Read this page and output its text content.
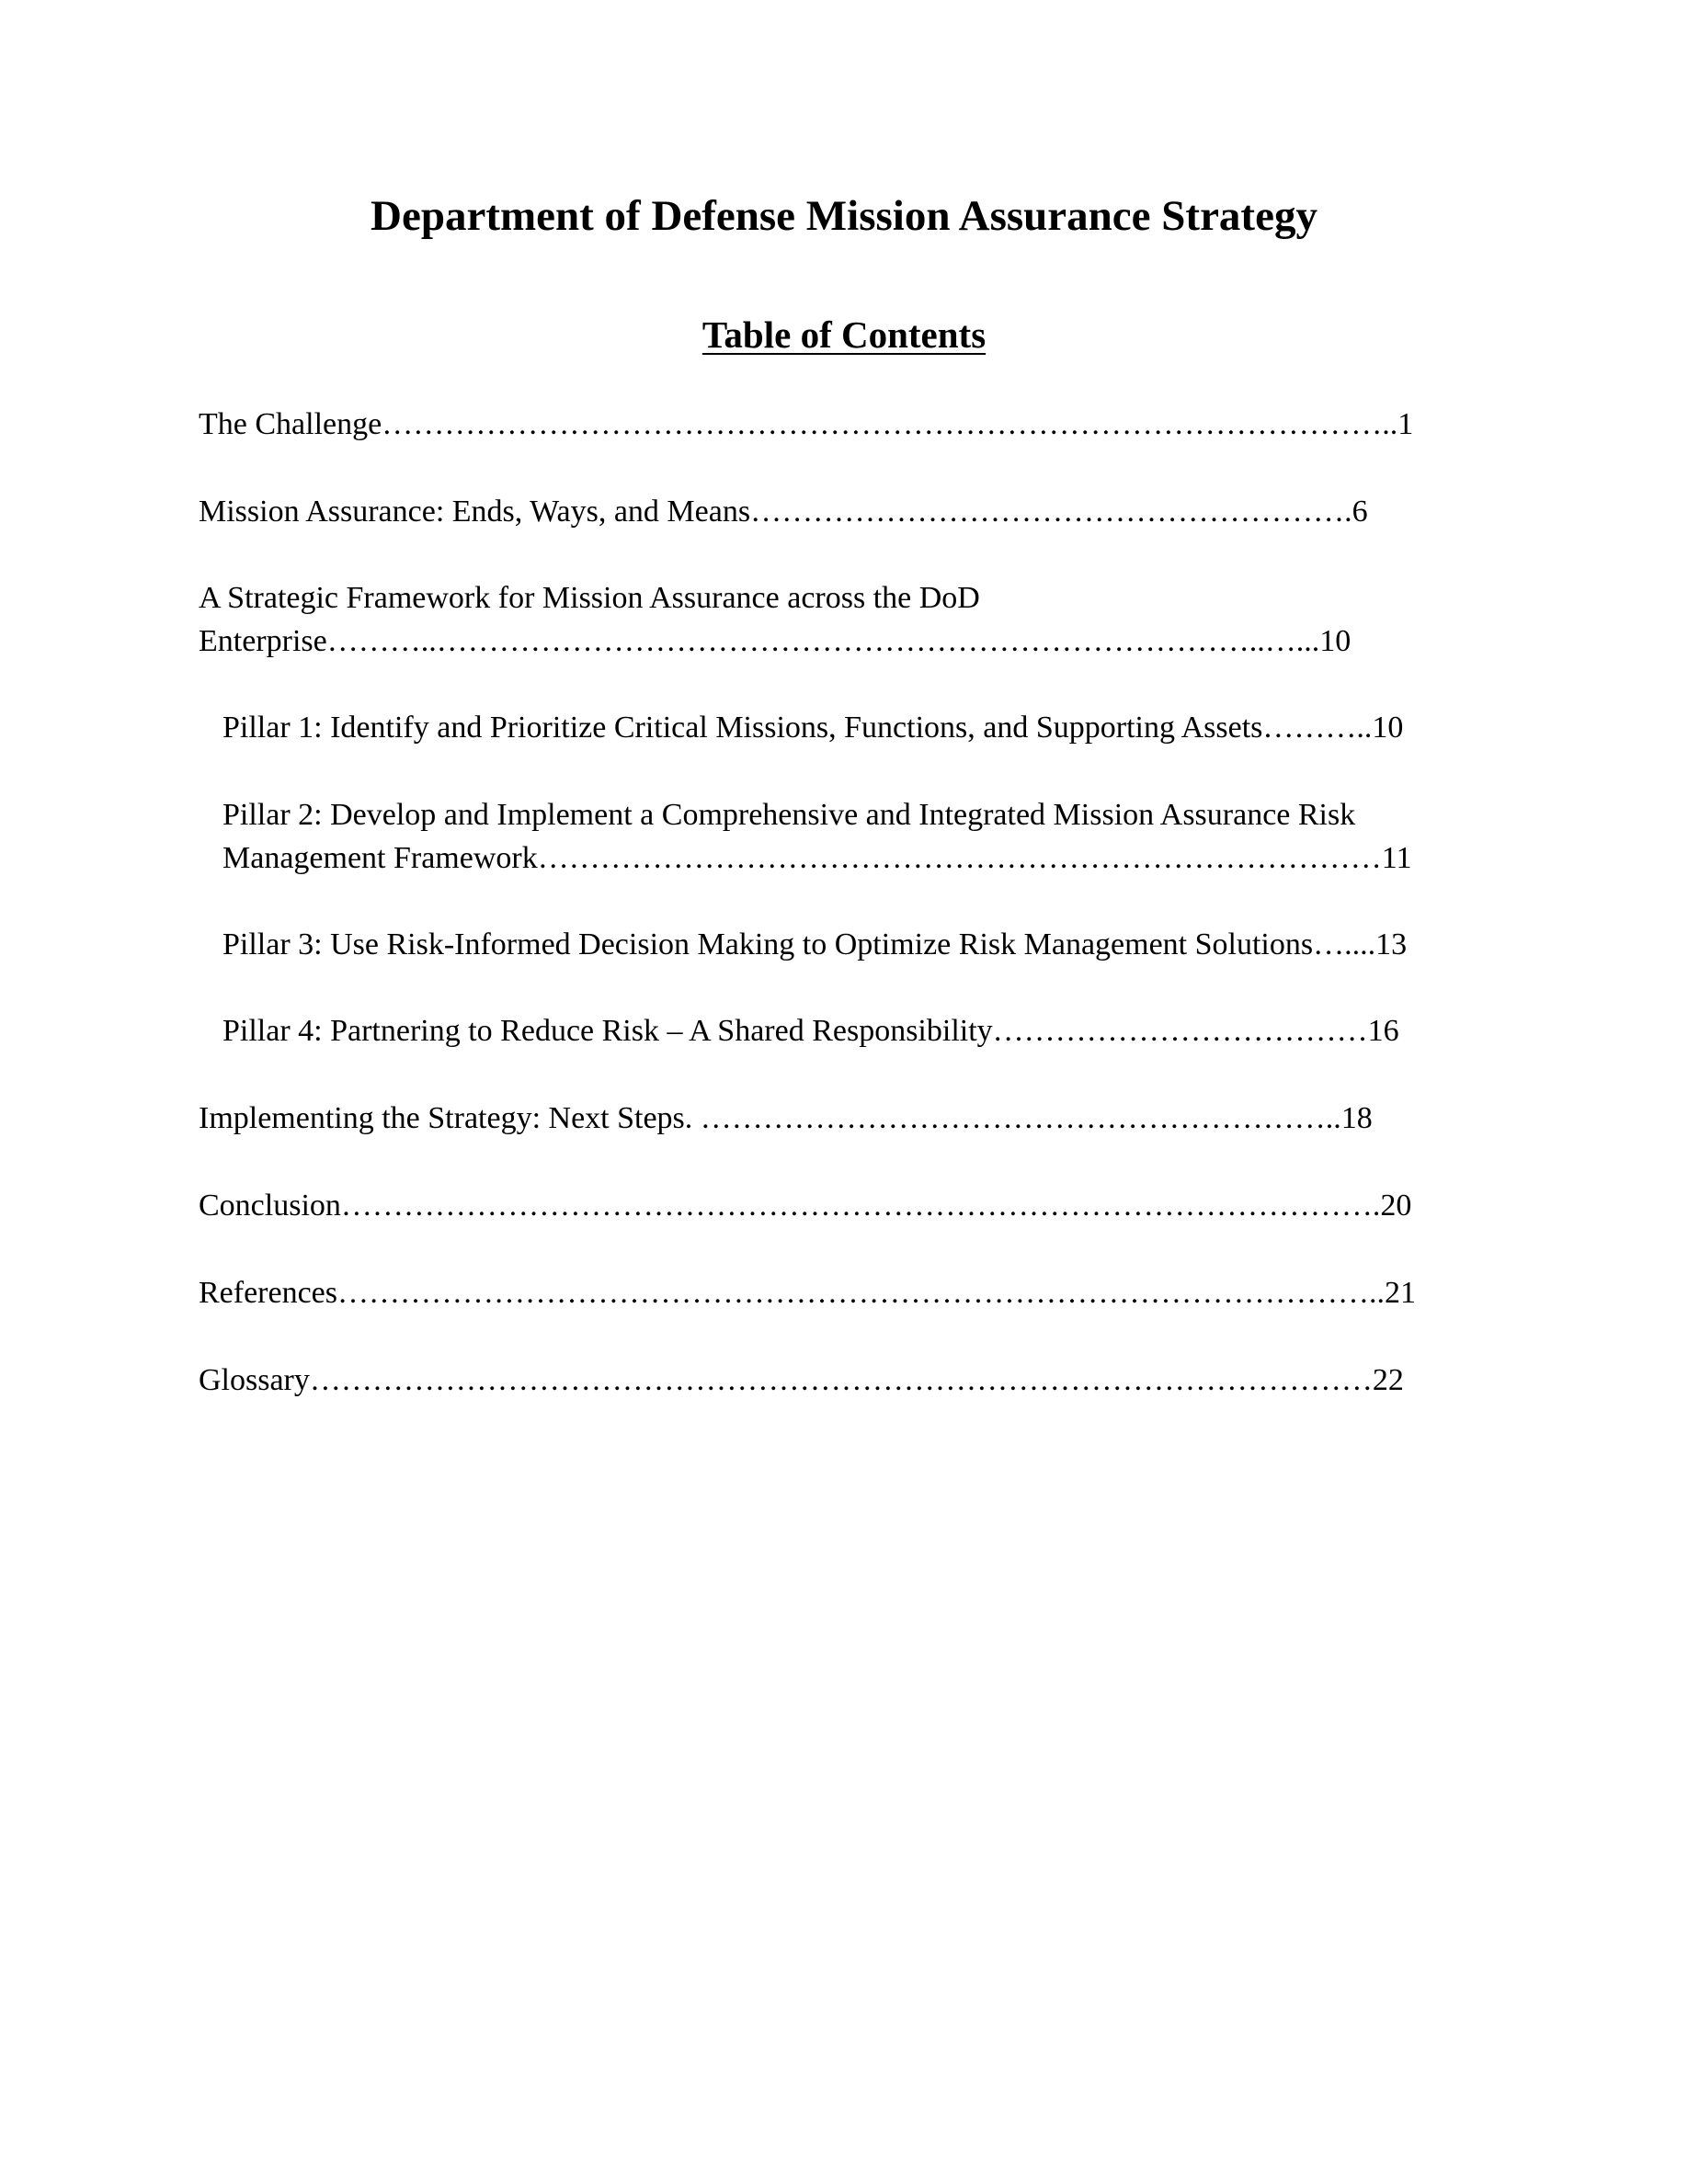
Department of Defense Mission Assurance Strategy
Table of Contents
The Challenge……………………………………………………………………………………..1
Mission Assurance: Ends, Ways, and Means………………………………………………….6
A Strategic Framework for Mission Assurance across the DoD
Enterprise………..……………………………………………………………………..…...10
Pillar 1: Identify and Prioritize Critical Missions, Functions, and Supporting Assets………..10
Pillar 2: Develop and Implement a Comprehensive and Integrated Mission Assurance Risk
Management Framework………………………………………………………………………11
Pillar 3: Use Risk-Informed Decision Making to Optimize Risk Management Solutions…....13
Pillar 4: Partnering to Reduce Risk – A Shared Responsibility………………………………16
Implementing the Strategy: Next Steps. ……………………………………………………..18
Conclusion……………………………………………………………………………………….20
References………………………………………………………………………………………..21
Glossary…………………………………………………………………………………………22
